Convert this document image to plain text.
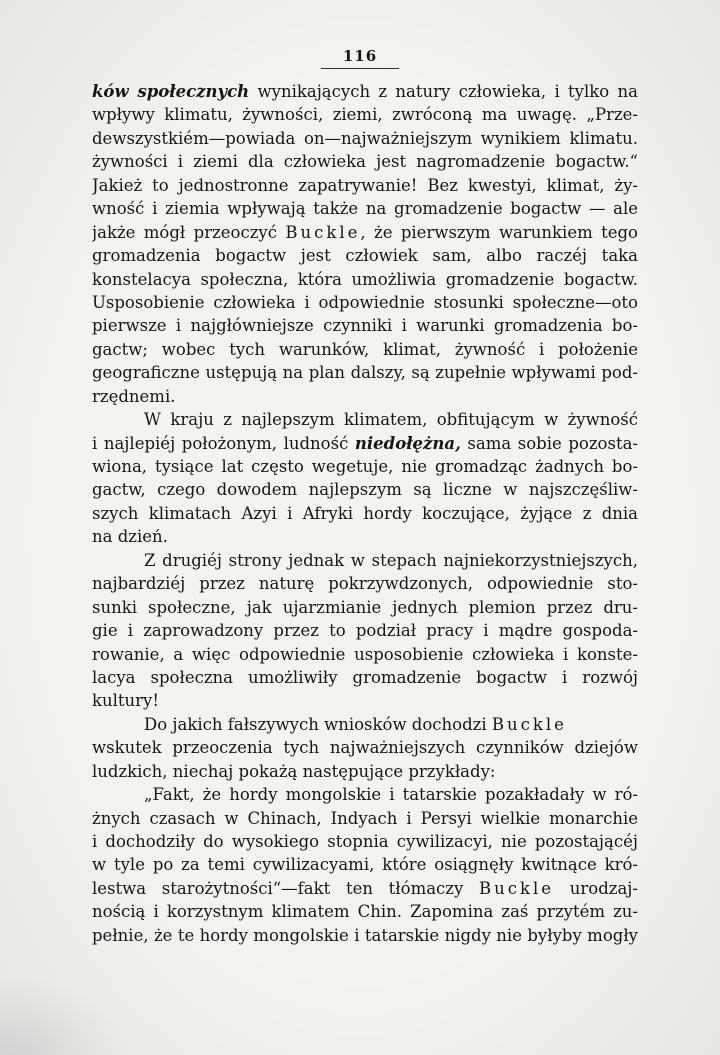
116
ków społecznych wynikających z natury człowieka, i tylko na
wpływy klimatu, żywności, ziemi, zwróconą ma uwagę. „Prze-
dewszystkiém—powiada on—najważniejszym wynikiem klimatu.
żywności i ziemi dla człowieka jest nagromadzenie bogactw.“
Jakież to jednostronne zapatrywanie! Bez kwestyi, klimat, ży-
wność i ziemia wpływają także na gromadzenie bogactw — ale
jakże mógł przeoczyć Buckle, że pierwszym warunkiem tego
gromadzenia bogactw jest człowiek sam, albo raczéj taka
konstelacya społeczna, która umożliwia gromadzenie bogactw.
Usposobienie człowieka i odpowiednie stosunki społeczne—oto
pierwsze i najgłówniejsze czynniki i warunki gromadzenia bo-
gactw; wobec tych warunków, klimat, żywność i położenie
geograficzne ustępują na plan dalszy, są zupełnie wpływami pod-
rzędnemi.
W kraju z najlepszym klimatem, obfitującym w żywność
i najlepiéj położonym, ludność niedołężna, sama sobie pozosta-
wiona, tysiące lat często wegetuje, nie gromadząc żadnych bo-
gactw, czego dowodem najlepszym są liczne w najszczęśliw-
szych klimatach Azyi i Afryki hordy koczujące, żyjące z dnia
na dzień.
Z drugiéj strony jednak w stepach najniekorzystniejszych,
najbardziéj przez naturę pokrzywdzonych, odpowiednie sto-
sunki społeczne, jak ujarzmianie jednych plemion przez dru-
gie i zaprowadzony przez to podział pracy i mądre gospoda-
rowanie, a więc odpowiednie usposobienie człowieka i konste-
lacya społeczna umożliwiły gromadzenie bogactw i rozwój
kultury!
Do jakich fałszywych wniosków dochodzi Buckle
wskutek przeoczenia tych najważniejszych czynników dziejów
ludzkich, niechaj pokażą następujące przykłady:
„Fakt, że hordy mongolskie i tatarskie pozakładały w ró-
żnych czasach w Chinach, Indyach i Persyi wielkie monarchie
i dochodziły do wysokiego stopnia cywilizacyi, nie pozostającéj
w tyle po za temi cywilizacyami, które osiągnęły kwitnące kró-
lestwa starożytności“—fakt ten tłómaczy Buckle urodzaj-
nością i korzystnym klimatem Chin. Zapomina zaś przytém zu-
pełnie, że te hordy mongolskie i tatarskie nigdy nie byłyby mogły
